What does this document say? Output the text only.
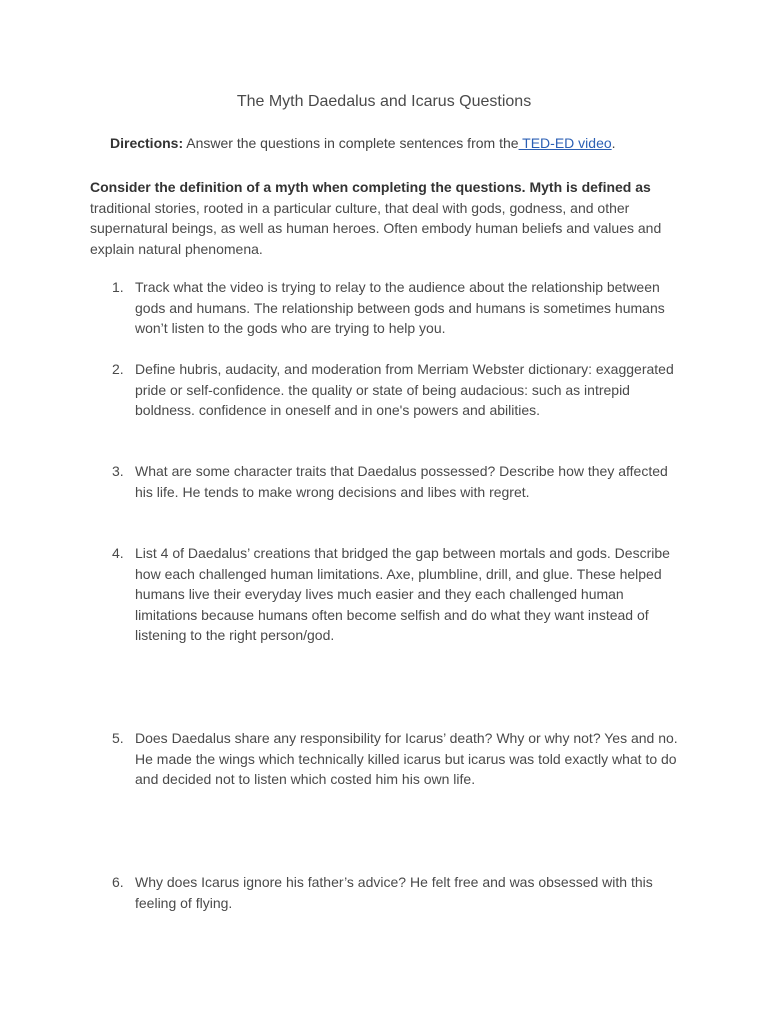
The Myth Daedalus and Icarus Questions
Directions: Answer the questions in complete sentences from the TED-ED video.
Consider the definition of a myth when completing the questions. Myth is defined as traditional stories, rooted in a particular culture, that deal with gods, godness, and other supernatural beings, as well as human heroes. Often embody human beliefs and values and explain natural phenomena.
1. Track what the video is trying to relay to the audience about the relationship between gods and humans. The relationship between gods and humans is sometimes humans won’t listen to the gods who are trying to help you.
2. Define hubris, audacity, and moderation from Merriam Webster dictionary: exaggerated pride or self-confidence. the quality or state of being audacious: such as intrepid boldness. confidence in oneself and in one's powers and abilities.
3. What are some character traits that Daedalus possessed? Describe how they affected his life. He tends to make wrong decisions and libes with regret.
4. List 4 of Daedalus’ creations that bridged the gap between mortals and gods. Describe how each challenged human limitations. Axe, plumbline, drill, and glue. These helped humans live their everyday lives much easier and they each challenged human limitations because humans often become selfish and do what they want instead of listening to the right person/god.
5. Does Daedalus share any responsibility for Icarus’ death? Why or why not? Yes and no. He made the wings which technically killed icarus but icarus was told exactly what to do and decided not to listen which costed him his own life.
6. Why does Icarus ignore his father’s advice? He felt free and was obsessed with this feeling of flying.
